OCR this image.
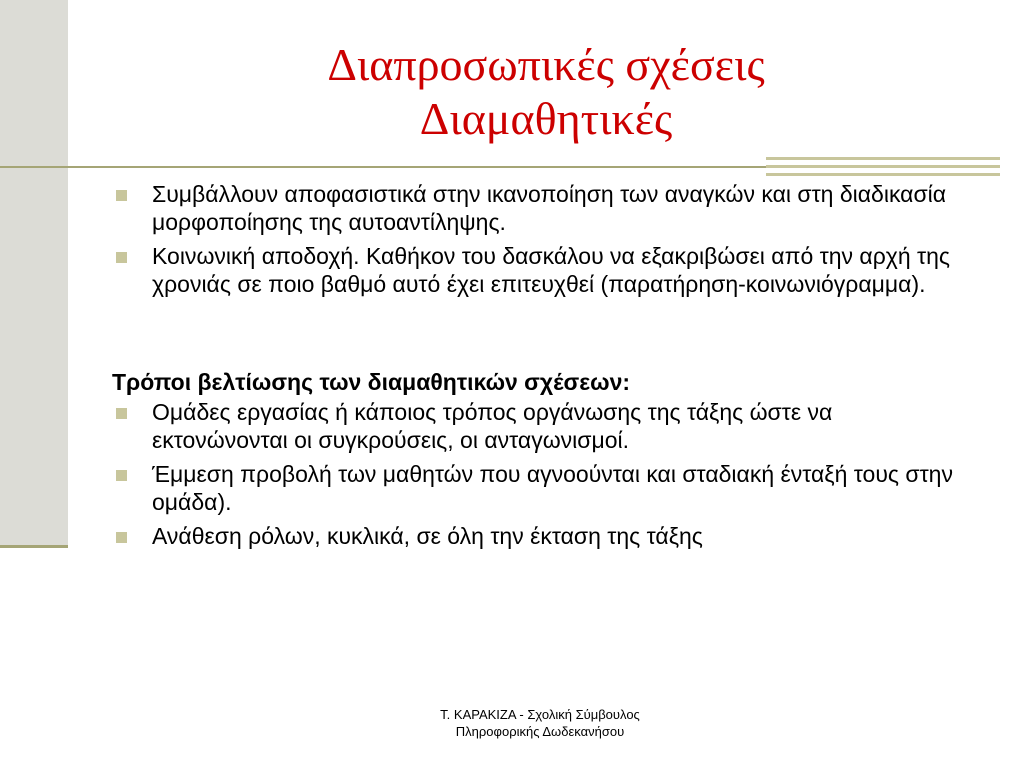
Διαπροσωπικές σχέσεις
Διαμαθητικές
Συμβάλλουν αποφασιστικά στην ικανοποίηση των αναγκών και στη διαδικασία μορφοποίησης της αυτοαντίληψης.
Κοινωνική αποδοχή. Καθήκον του δασκάλου να εξακριβώσει από την αρχή της χρονιάς σε ποιο βαθμό αυτό έχει επιτευχθεί (παρατήρηση-κοινωνιόγραμμα).

Τρόποι βελτίωσης των διαμαθητικών σχέσεων:

Ομάδες εργασίας ή κάποιος τρόπος οργάνωσης της τάξης ώστε να εκτονώνονται οι συγκρούσεις, οι ανταγωνισμοί.
Έμμεση προβολή των μαθητών που αγνοούνται και σταδιακή ένταξή τους στην ομάδα).
Ανάθεση ρόλων, κυκλικά, σε όλη την έκταση της τάξης
Τ. ΚΑΡΑΚΙΖΑ - Σχολική Σύμβουλος
Πληροφορικής Δωδεκανήσου
